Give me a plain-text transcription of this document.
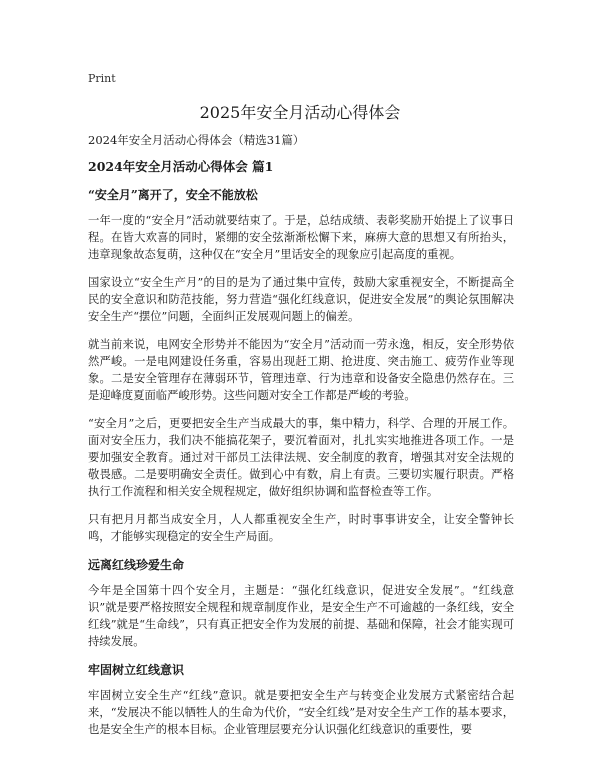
Print
2025年安全月活动心得体会
2024年安全月活动心得体会（精选31篇）
2024年安全月活动心得体会 篇1
“安全月”离开了，安全不能放松

一年一度的“安全月”活动就要结束了。于是，总结成绩、表彰奖励开始提上了议事日程。在皆大欢喜的同时，紧绷的安全弦渐渐松懈下来，麻痹大意的思想又有所抬头，违章现象故态复萌，这种仅在“安全月”里话安全的现象应引起高度的重视。

国家设立“安全生产月”的目的是为了通过集中宣传，鼓励大家重视安全，不断提高全民的安全意识和防范技能，努力营造“强化红线意识，促进安全发展”的舆论氛围解决安全生产“摆位”问题，全面纠正发展观问题上的偏差。

就当前来说，电网安全形势并不能因为“安全月”活动而一劳永逸，相反，安全形势依然严峻。一是电网建设任务重，容易出现赶工期、抢进度、突击施工、疲劳作业等现象。二是安全管理存在薄弱环节，管理违章、行为违章和设备安全隐患仍然存在。三是迎峰度夏面临严峻形势。这些问题对安全工作都是严峻的考验。

“安全月”之后，更要把安全生产当成最大的事，集中精力，科学、合理的开展工作。面对安全压力，我们决不能搞花架子，要沉着面对，扎扎实实地推进各项工作。一是要加强安全教育。通过对干部员工法律法规、安全制度的教育，增强其对安全法规的敬畏感。二是要明确安全责任。做到心中有数，肩上有责。三要切实履行职责。严格执行工作流程和相关安全规程规定，做好组织协调和监督检查等工作。

只有把月月都当成安全月，人人都重视安全生产，时时事事讲安全，让安全警钟长鸣，才能够实现稳定的安全生产局面。

远离红线珍爱生命

今年是全国第十四个安全月，主题是：“强化红线意识，促进安全发展”。“红线意识”就是要严格按照安全规程和规章制度作业，是安全生产不可逾越的一条红线，安全红线”就是“生命线”，只有真正把安全作为发展的前提、基础和保障，社会才能实现可持续发展。

牢固树立红线意识

牢固树立安全生产“红线”意识。就是要把安全生产与转变企业发展方式紧密结合起来，“发展决不能以牺牲人的生命为代价，“安全红线”是对安全生产工作的基本要求，也是安全生产的根本目标。企业管理层要充分认识强化红线意识的重要性，要
